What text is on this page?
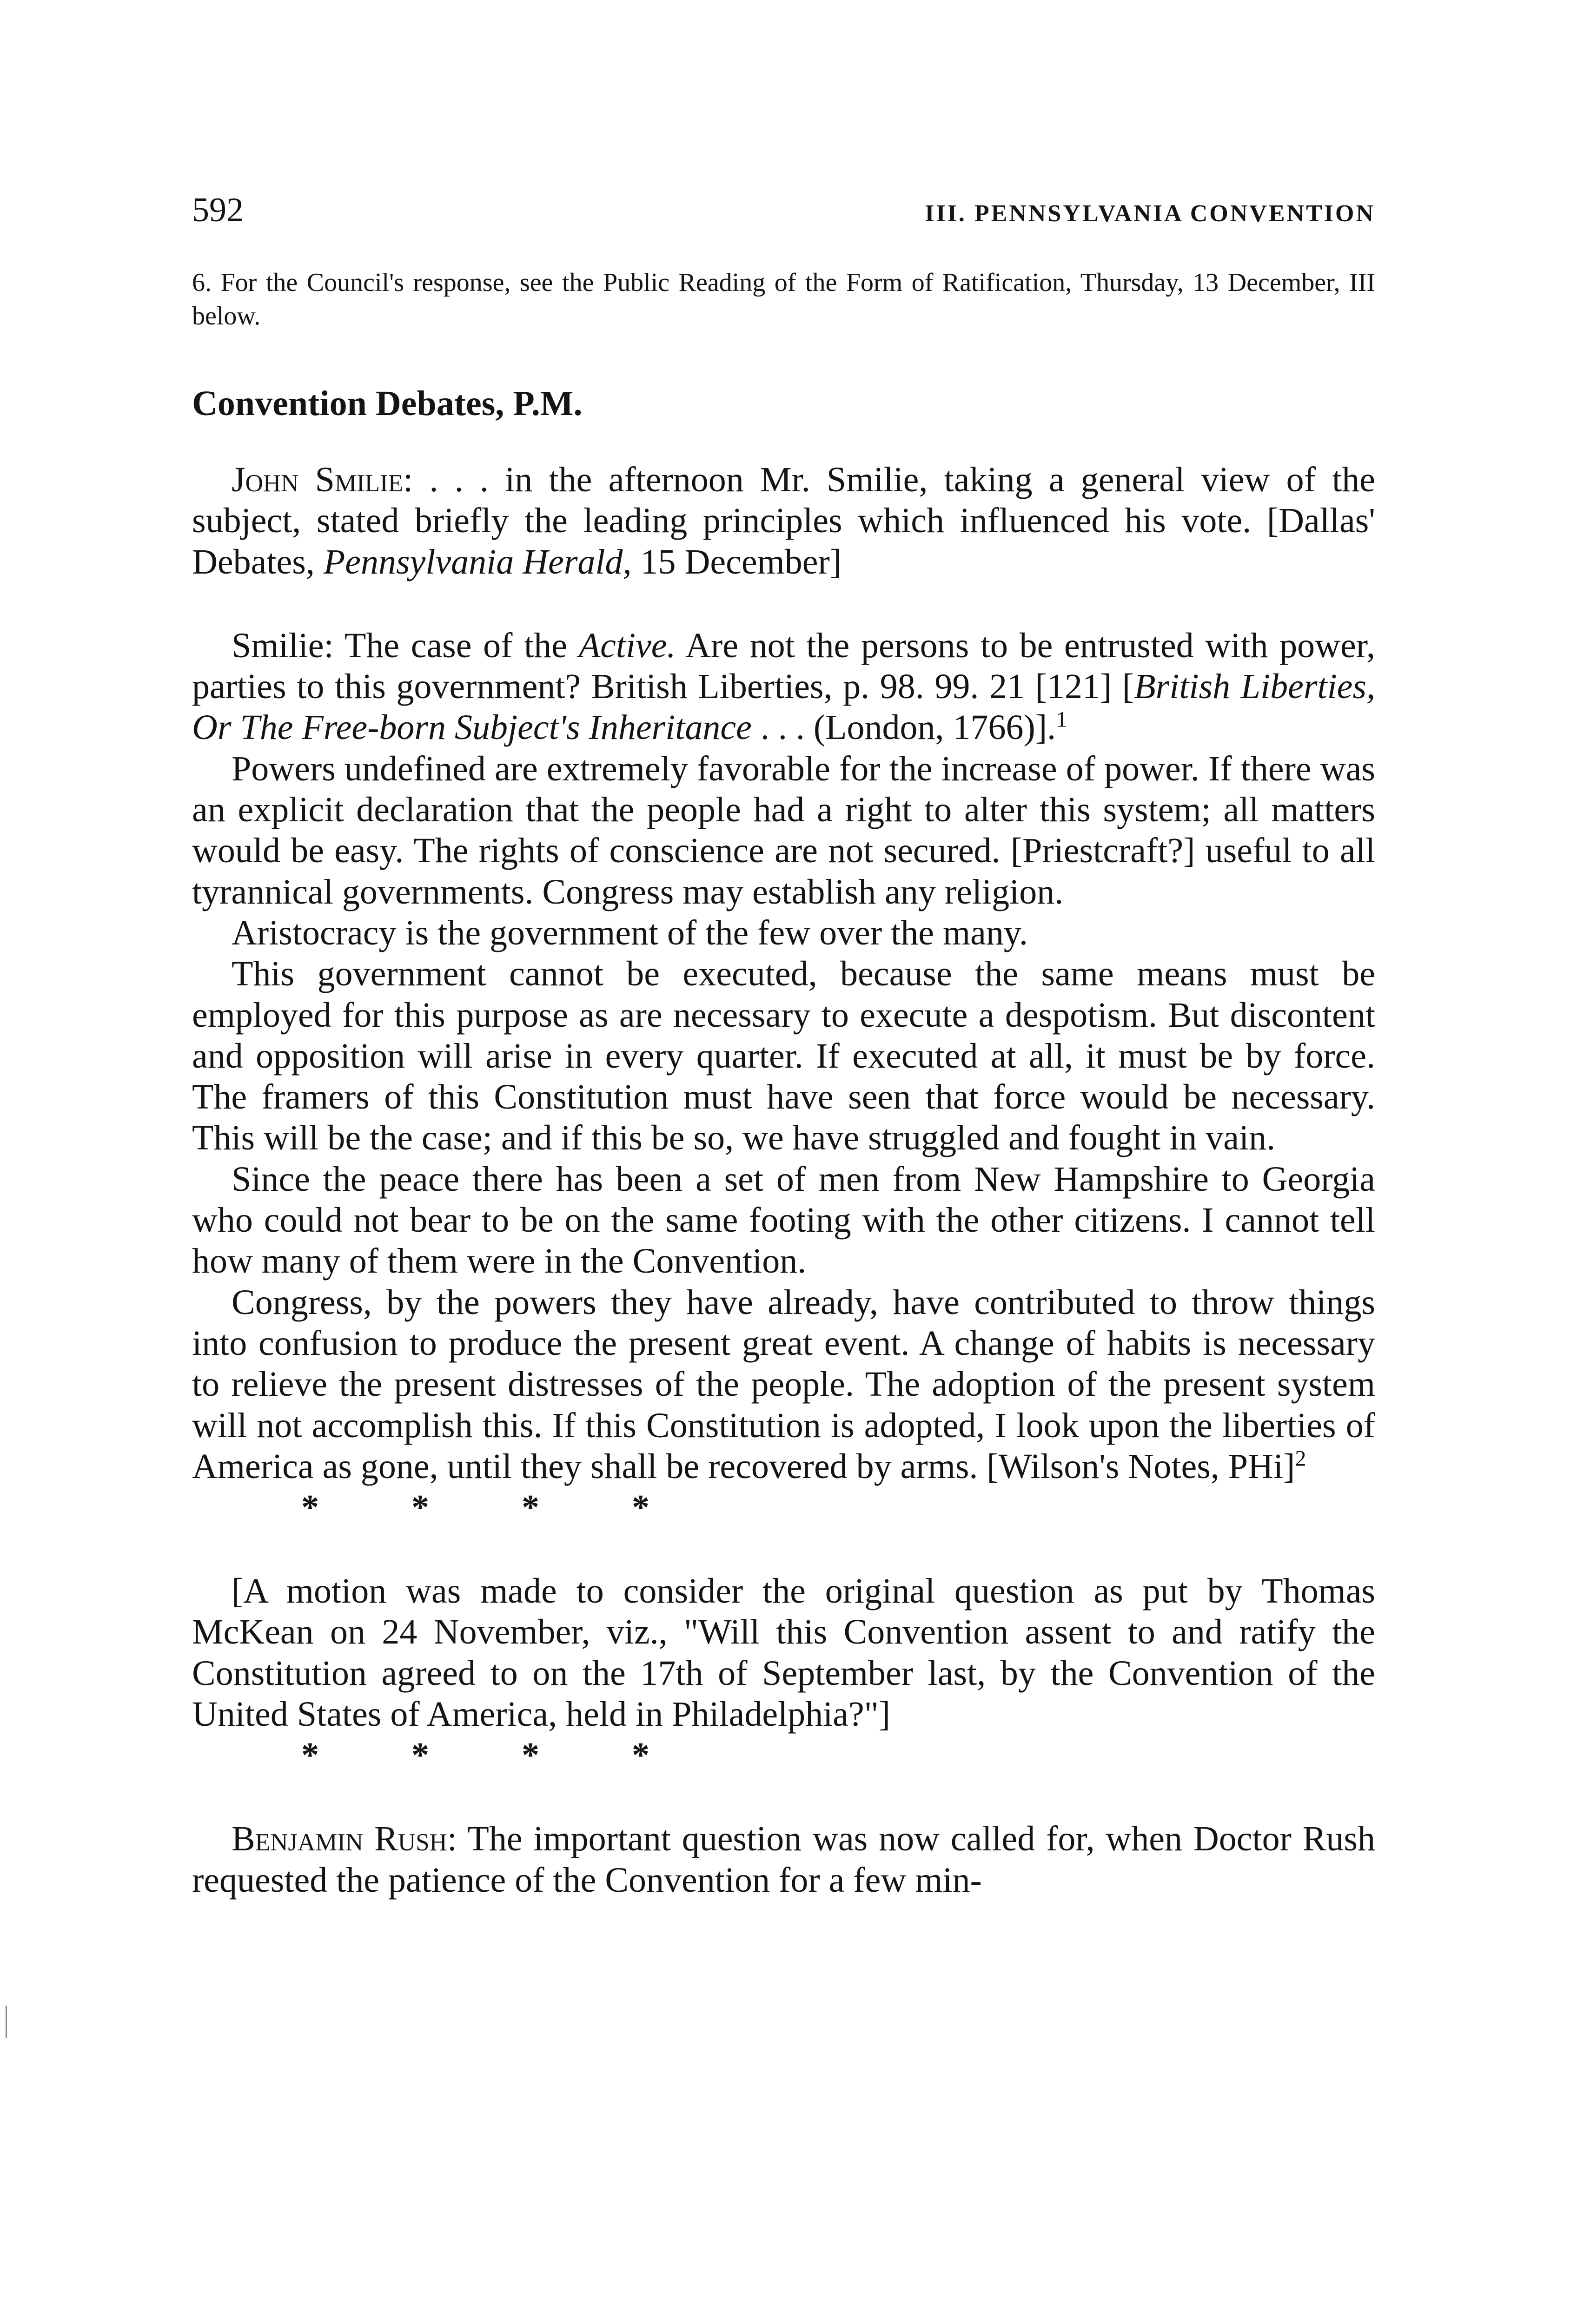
592	III. PENNSYLVANIA CONVENTION
6. For the Council's response, see the Public Reading of the Form of Ratification, Thursday, 13 December, III below.
Convention Debates, P.M.

John Smilie: . . . in the afternoon Mr. Smilie, taking a general view of the subject, stated briefly the leading principles which influenced his vote. [Dallas' Debates, Pennsylvania Herald, 15 December]

Smilie: The case of the Active. Are not the persons to be entrusted with power, parties to this government? British Liberties, p. 98. 99. 21 [121] [British Liberties, Or The Free-born Subject's Inheritance . . . (London, 1766)].$^1$

Powers undefined are extremely favorable for the increase of power. If there was an explicit declaration that the people had a right to alter this system; all matters would be easy. The rights of conscience are not secured. [Priestcraft?] useful to all tyrannical governments. Congress may establish any religion.

Aristocracy is the government of the few over the many.

This government cannot be executed, because the same means must be employed for this purpose as are necessary to execute a despotism. But discontent and opposition will arise in every quarter. If executed at all, it must be by force. The framers of this Constitution must have seen that force would be necessary. This will be the case; and if this be so, we have struggled and fought in vain.

Since the peace there has been a set of men from New Hampshire to Georgia who could not bear to be on the same footing with the other citizens. I cannot tell how many of them were in the Convention.

Congress, by the powers they have already, have contributed to throw things into confusion to produce the present great event. A change of habits is necessary to relieve the present distresses of the people. The adoption of the present system will not accomplish this. If this Constitution is adopted, I look upon the liberties of America as gone, until they shall be recovered by arms. [Wilson's Notes, PHi]$^2$

* * * *

[A motion was made to consider the original question as put by Thomas McKean on 24 November, viz., "Will this Convention assent to and ratify the Constitution agreed to on the 17th of September last, by the Convention of the United States of America, held in Philadelphia?"]

* * * *

Benjamin Rush: The important question was now called for, when Doctor Rush requested the patience of the Convention for a few min-
